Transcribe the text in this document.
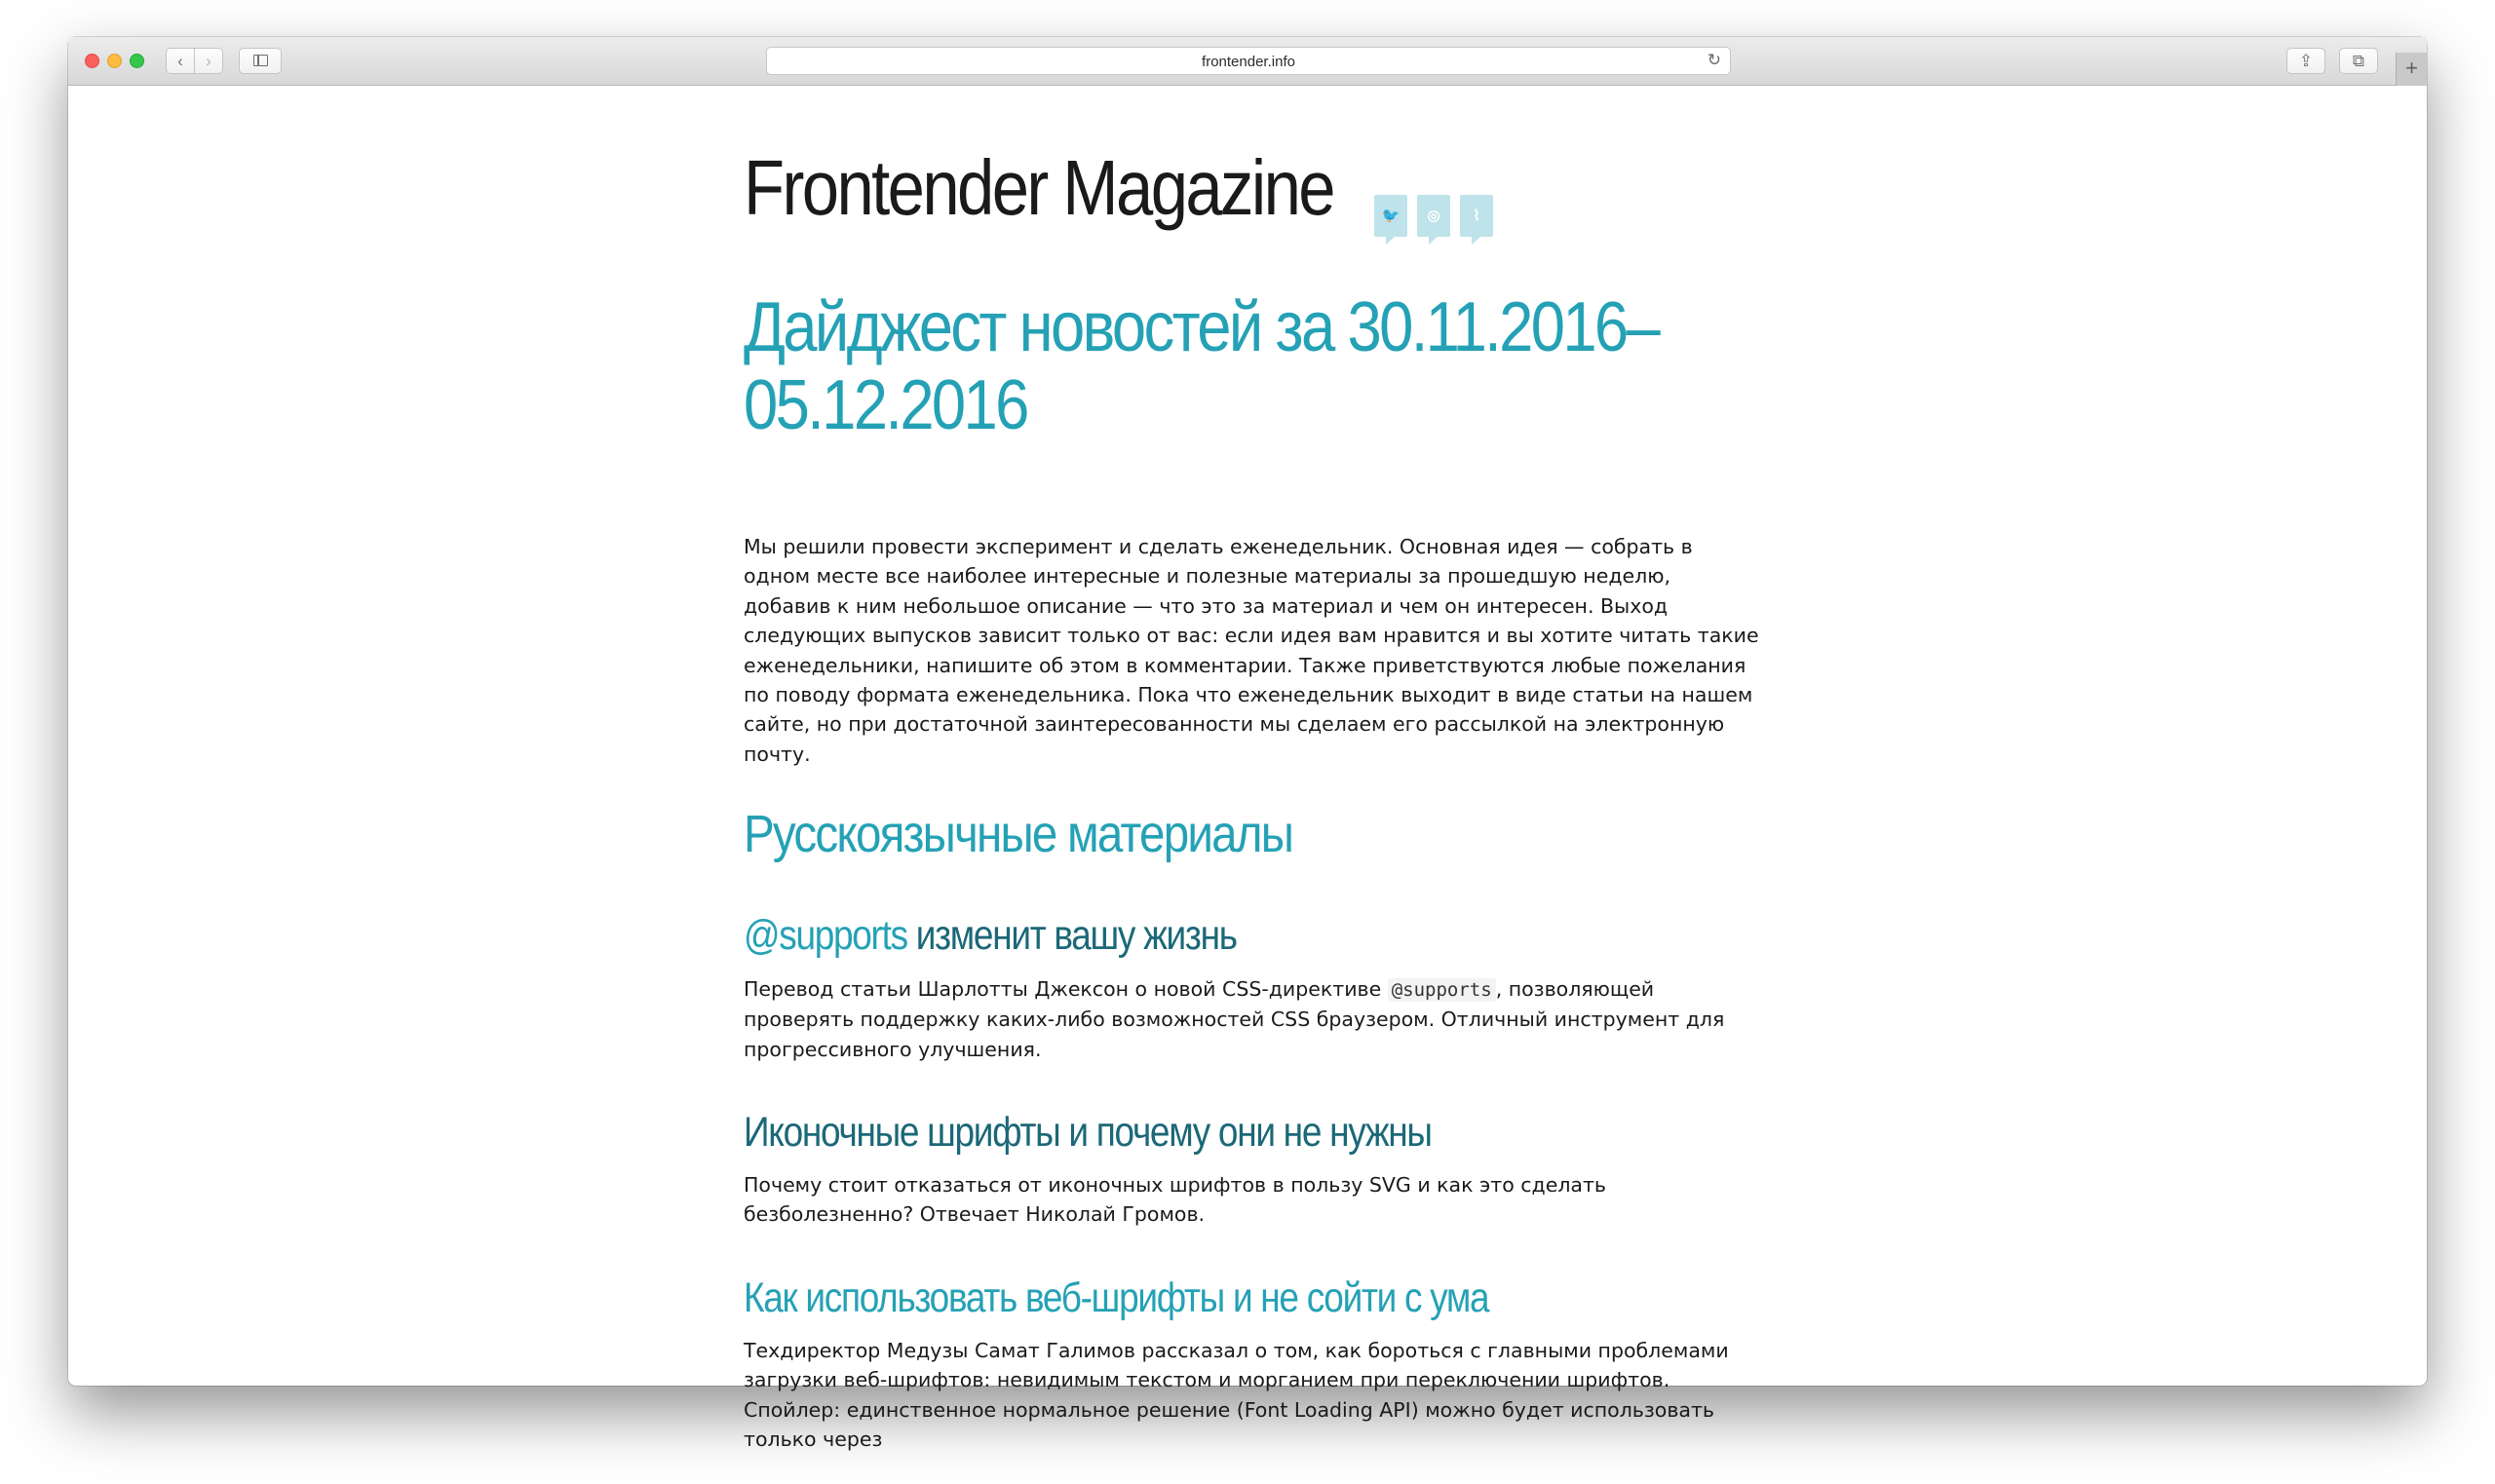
‹	›	frontender.info	↻	⇪	⧉	+
Frontender Magazine	🐦	◎	⌇
Дайджест новостей за 30.11.2016–05.12.2016

Мы решили провести эксперимент и сделать еженедельник. Основная идея — собрать в одном месте все наиболее интересные и полезные материалы за прошедшую неделю, добавив к ним небольшое описание — что это за материал и чем он интересен. Выход следующих выпусков зависит только от вас: если идея вам нравится и вы хотите читать такие еженедельники, напишите об этом в комментарии. Также приветствуются любые пожелания по поводу формата еженедельника. Пока что еженедельник выходит в виде статьи на нашем сайте, но при достаточной заинтересованности мы сделаем его рассылкой на электронную почту.

Русскоязычные материалы
@supports изменит вашу жизнь

Перевод статьи Шарлотты Джексон о новой CSS-директиве @supports , позволяющей проверять поддержку каких-либо возможностей CSS браузером. Отличный инструмент для прогрессивного улучшения.

Иконочные шрифты и почему они не нужны

Почему стоит отказаться от иконочных шрифтов в пользу SVG и как это сделать безболезненно? Отвечает Николай Громов.

Как использовать веб-шрифты и не сойти с ума

Техдиректор Медузы Самат Галимов рассказал о том, как бороться с главными проблемами загрузки веб-шрифтов: невидимым текстом и морганием при переключении шрифтов. Спойлер: единственное нормальное решение (Font Loading API) можно будет использовать только через
